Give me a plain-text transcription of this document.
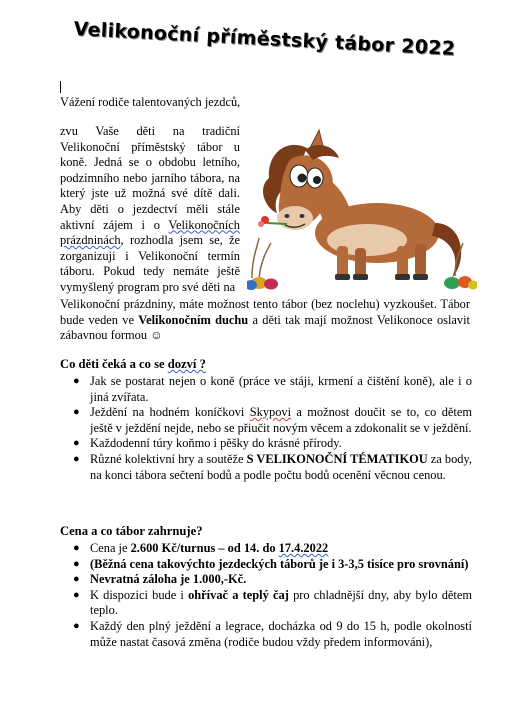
Velikonoční příměstský tábor 2022
Vážení rodiče talentovaných jezdců,
zvu Vaše děti na tradiční Velikonoční příměstský tábor u koně. Jedná se o obdobu letního, podzimního nebo jarního tábora, na který jste už možná své dítě dali. Aby děti o jezdectví měli stále aktivní zájem i o Velikonočních prázdninách, rozhodla jsem se, že zorganizuji i Velikonoční termín táboru. Pokud tedy nemáte ještě vymyšlený program pro své děti na
Velikonoční prázdniny, máte možnost tento tábor (bez noclehu) vyzkoušet. Tábor bude veden ve Velikonočním duchu a děti tak mají možnost Velikonoce oslavit zábavnou formou ☺
Co děti čeká a co se dozví ?
● Jak se postarat nejen o koně (práce ve stáji, krmení a čištění koně), ale i o jiná zvířata.
● Ježdění na hodném koníčkovi Skypovi a možnost doučit se to, co dětem ještě v ježdění nejde, nebo se přiučit novým věcem a zdokonalit se v ježdění.
● Každodenní túry koňmo i pěšky do krásné přírody.
● Různé kolektivní hry a soutěže S VELIKONOČNÍ TÉMATIKOU za body, na konci tábora sečtení bodů a podle počtu bodů ocenění věcnou cenou.
Cena a co tábor zahrnuje?
● Cena je 2.600 Kč/turnus – od 14. do 17.4.2022
● (Běžná cena takovýchto jezdeckých táborů je i 3-3,5 tisíce pro srovnání)
● Nevratná záloha je 1.000,-Kč.
● K dispozici bude i ohřívač a teplý čaj pro chladnější dny, aby bylo dětem teplo.
● Každý den plný ježdění a legrace, docházka od 9 do 15 h, podle okolností může nastat časová změna (rodiče budou vždy předem informováni),
